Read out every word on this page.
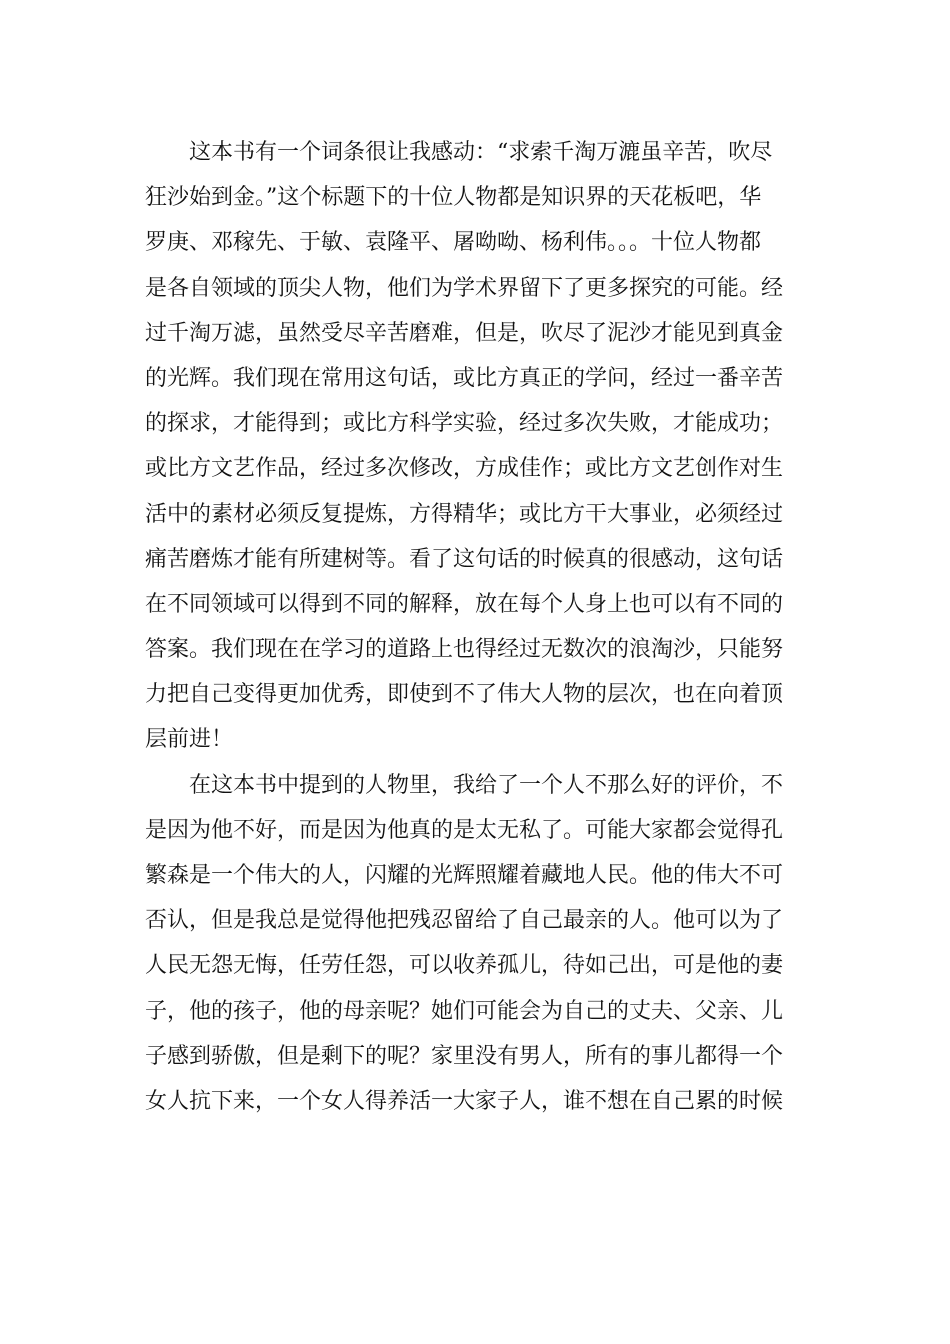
这本书有一个词条很让我感动：“求索千淘万漉虽辛苦，吹尽
狂沙始到金。”这个标题下的十位人物都是知识界的天花板吧，华
罗庚、邓稼先、于敏、袁隆平、屠呦呦、杨利伟。。。十位人物都
是各自领域的顶尖人物，他们为学术界留下了更多探究的可能。经
过千淘万滤，虽然受尽辛苦磨难，但是，吹尽了泥沙才能见到真金
的光辉。我们现在常用这句话，或比方真正的学问，经过一番辛苦
的探求，才能得到；或比方科学实验，经过多次失败，才能成功；
或比方文艺作品，经过多次修改，方成佳作；或比方文艺创作对生
活中的素材必须反复提炼，方得精华；或比方干大事业，必须经过
痛苦磨炼才能有所建树等。看了这句话的时候真的很感动，这句话
在不同领域可以得到不同的解释，放在每个人身上也可以有不同的
答案。我们现在在学习的道路上也得经过无数次的浪淘沙，只能努
力把自己变得更加优秀，即使到不了伟大人物的层次，也在向着顶
层前进！
在这本书中提到的人物里，我给了一个人不那么好的评价，不
是因为他不好，而是因为他真的是太无私了。可能大家都会觉得孔
繁森是一个伟大的人，闪耀的光辉照耀着藏地人民。他的伟大不可
否认，但是我总是觉得他把残忍留给了自己最亲的人。他可以为了
人民无怨无悔，任劳任怨，可以收养孤儿，待如己出，可是他的妻
子，他的孩子，他的母亲呢？她们可能会为自己的丈夫、父亲、儿
子感到骄傲，但是剩下的呢？家里没有男人，所有的事儿都得一个
女人抗下来，一个女人得养活一大家子人，谁不想在自己累的时候
